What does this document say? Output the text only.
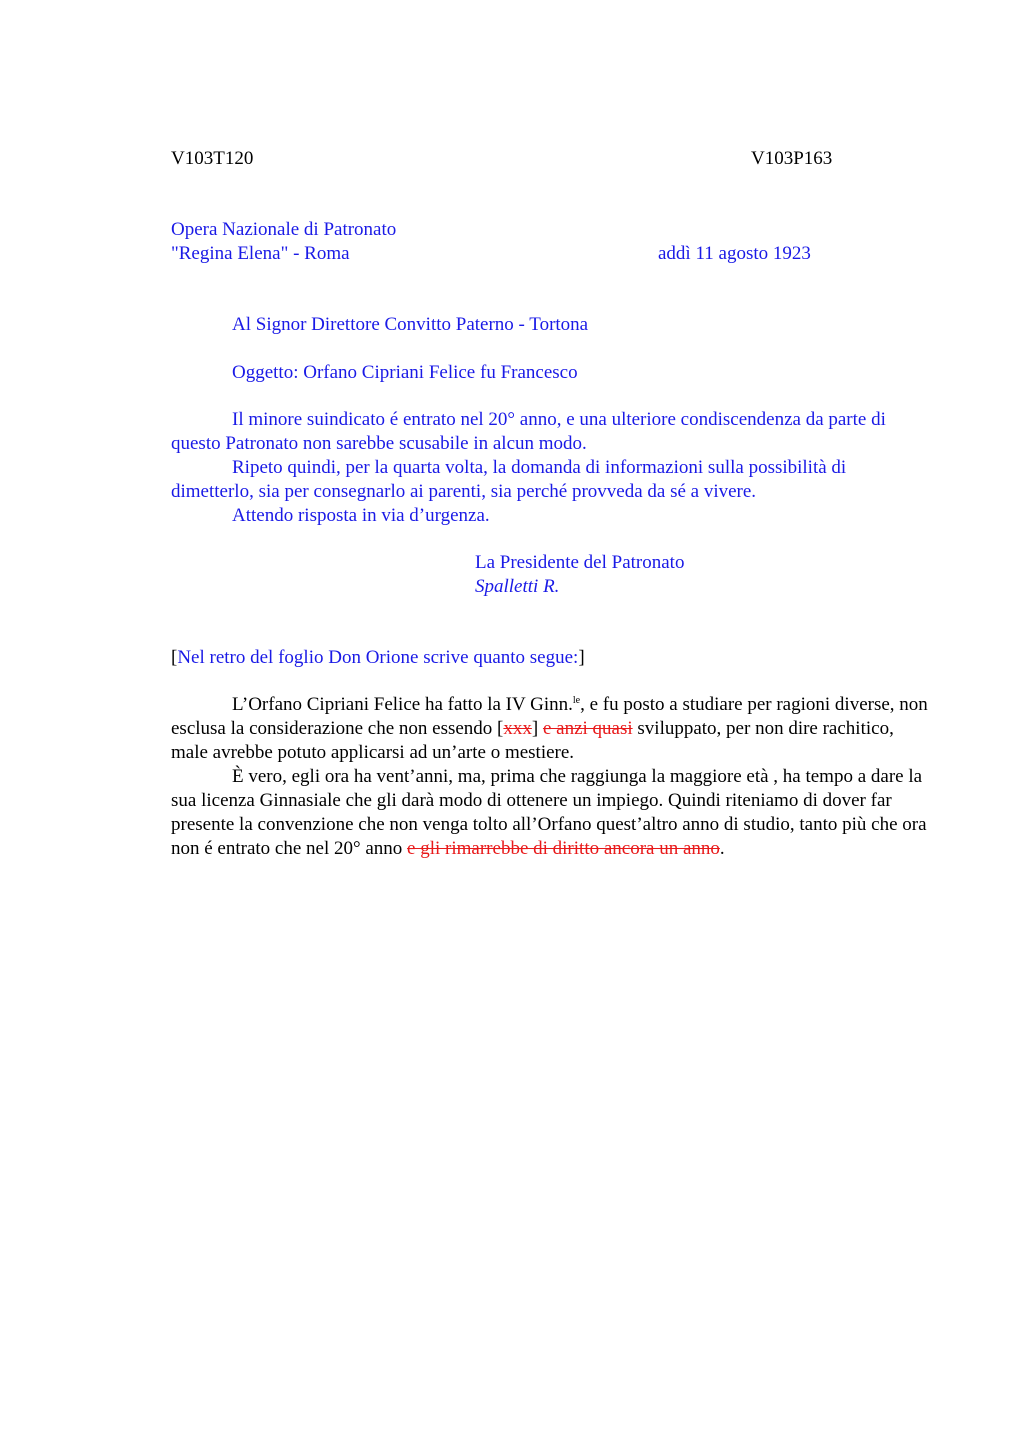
V103T120	V103P163
Opera Nazionale di Patronato
"Regina Elena" - Roma	addì 11 agosto 1923
Al Signor Direttore Convitto Paterno - Tortona
Oggetto: Orfano Cipriani Felice fu Francesco
Il minore suindicato é entrato nel 20° anno, e una ulteriore condiscendenza da parte di questo Patronato non sarebbe scusabile in alcun modo.
Ripeto quindi, per la quarta volta, la domanda di informazioni sulla possibilità di dimetterlo, sia per consegnarlo ai parenti, sia perché provveda da sé a vivere.
Attendo risposta in via d’urgenza.
La Presidente del Patronato
Spalletti R.
[Nel retro del foglio Don Orione scrive quanto segue:]
L’Orfano Cipriani Felice ha fatto la IV Ginn.$^{le}$, e fu posto a studiare per ragioni diverse, non esclusa la considerazione che non essendo [xxx] e anzi quasi sviluppato, per non dire rachitico, male avrebbe potuto applicarsi ad un’arte o mestiere.
È vero, egli ora ha vent’anni, ma, prima che raggiunga la maggiore età , ha tempo a dare la sua licenza Ginnasiale che gli darà modo di ottenere un impiego. Quindi riteniamo di dover far presente la convenzione che non venga tolto all’Orfano quest’altro anno di studio, tanto più che ora non é entrato che nel 20° anno e gli rimarrebbe di diritto ancora un anno.
